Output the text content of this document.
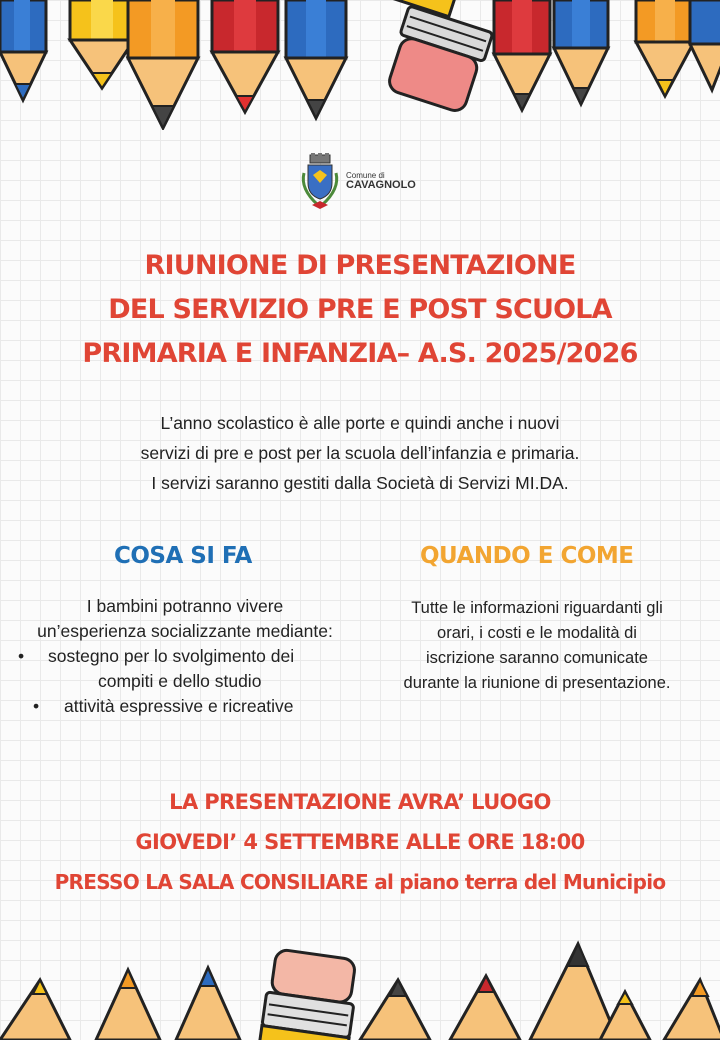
Comune di
CAVAGNOLO
RIUNIONE DI PRESENTAZIONE
DEL SERVIZIO PRE E POST SCUOLA
PRIMARIA E INFANZIA– A.S. 2025/2026
L’anno scolastico è alle porte e quindi anche i nuovi
servizi di pre e post per la scuola dell’infanzia e primaria.
I servizi saranno gestiti dalla Società di Servizi MI.DA.
COSA SI FA	QUANDO E COME
I bambini potranno vivere
un’esperienza socializzante mediante:
• sostegno per lo svolgimento dei
compiti e dello studio
• attività espressive e ricreative
Tutte le informazioni riguardanti gli
orari, i costi e le modalità di
iscrizione saranno comunicate
durante la riunione di presentazione.
LA PRESENTAZIONE AVRA’ LUOGO
GIOVEDI’ 4 SETTEMBRE ALLE ORE 18:00
PRESSO LA SALA CONSILIARE al piano terra del Municipio
